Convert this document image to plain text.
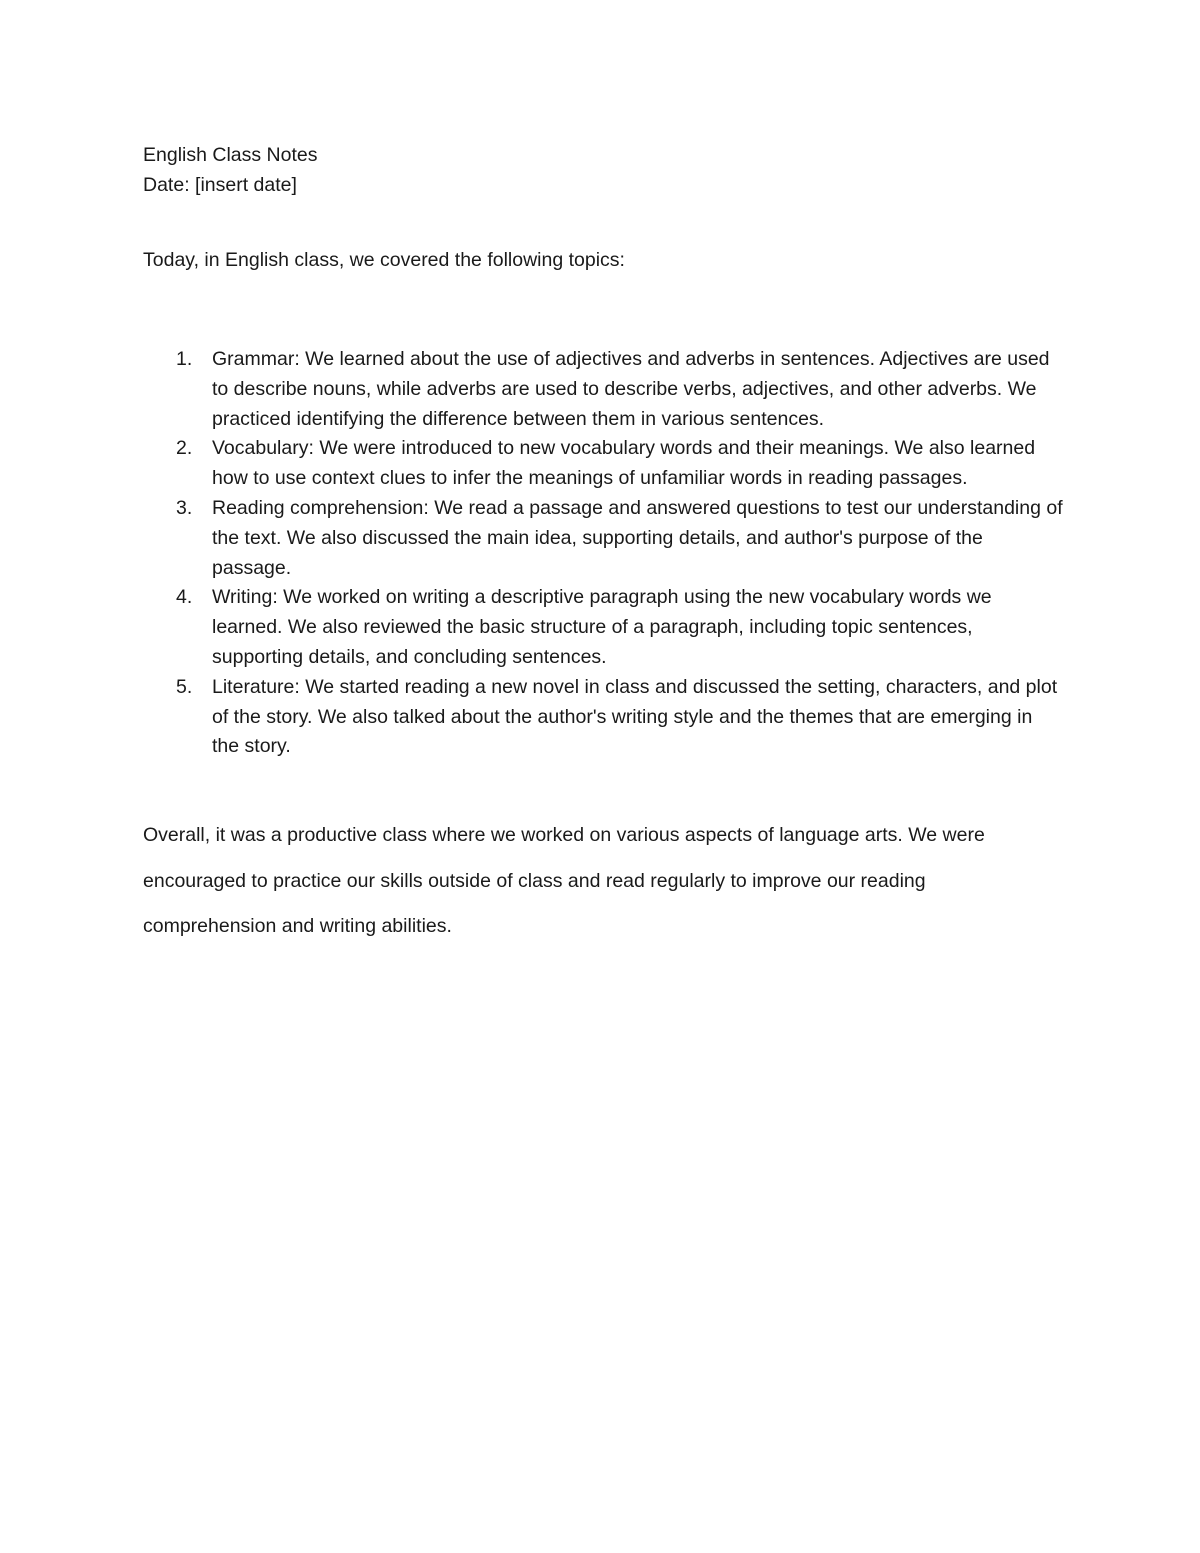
English Class Notes

Date: [insert date]

Today, in English class, we covered the following topics:

1. Grammar: We learned about the use of adjectives and adverbs in sentences. Adjectives are used to describe nouns, while adverbs are used to describe verbs, adjectives, and other adverbs. We practiced identifying the difference between them in various sentences.
2. Vocabulary: We were introduced to new vocabulary words and their meanings. We also learned how to use context clues to infer the meanings of unfamiliar words in reading passages.
3. Reading comprehension: We read a passage and answered questions to test our understanding of the text. We also discussed the main idea, supporting details, and author's purpose of the passage.
4. Writing: We worked on writing a descriptive paragraph using the new vocabulary words we learned. We also reviewed the basic structure of a paragraph, including topic sentences, supporting details, and concluding sentences.
5. Literature: We started reading a new novel in class and discussed the setting, characters, and plot of the story. We also talked about the author's writing style and the themes that are emerging in the story.

Overall, it was a productive class where we worked on various aspects of language arts. We were encouraged to practice our skills outside of class and read regularly to improve our reading comprehension and writing abilities.
